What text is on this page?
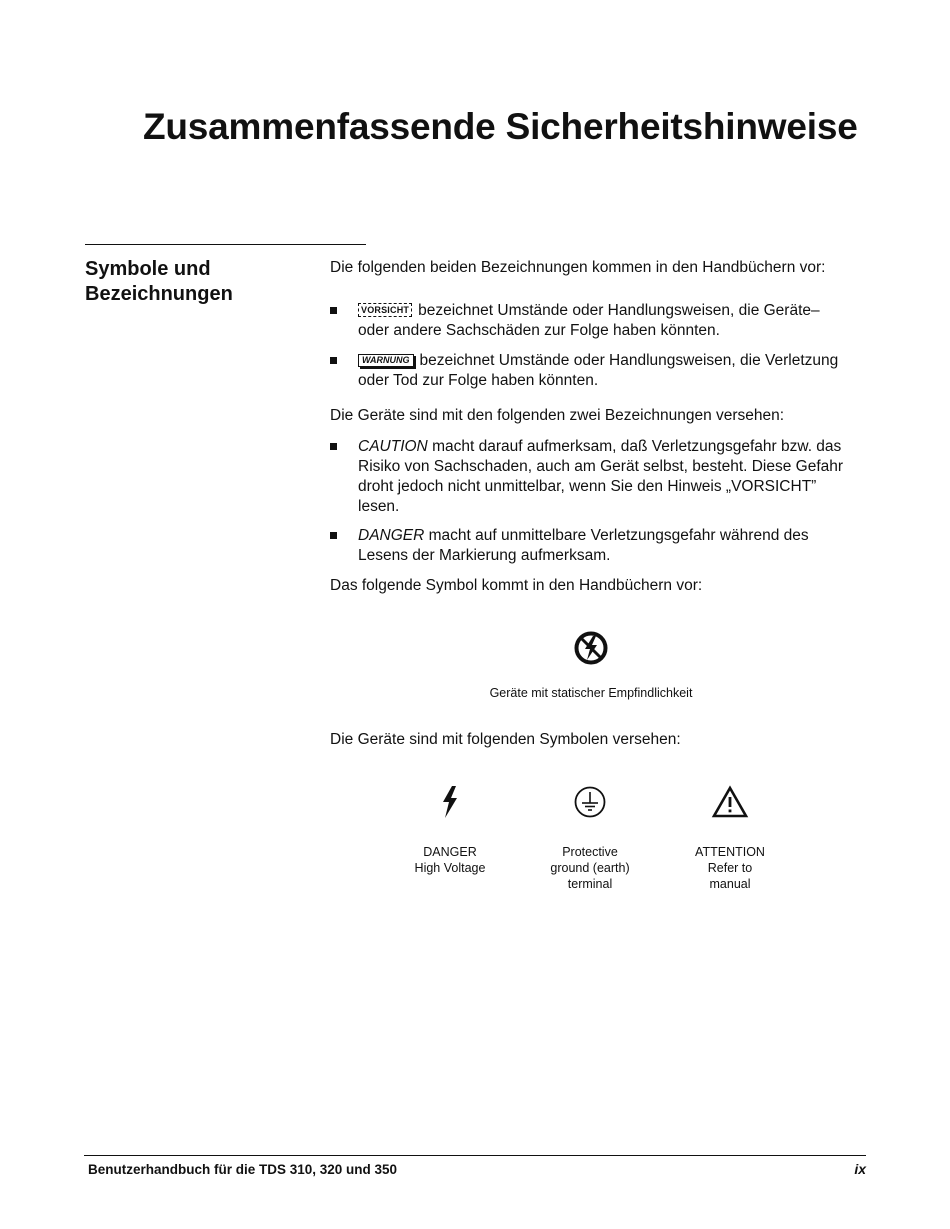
Zusammenfassende Sicherheitshinweise
Symbole und Bezeichnungen

Die folgenden beiden Bezeichnungen kommen in den Handbüchern vor:

VORSICHT bezeichnet Umstände oder Handlungsweisen, die Geräte– oder andere Sachschäden zur Folge haben könnten.
WARNUNG bezeichnet Umstände oder Handlungsweisen, die Verletzung oder Tod zur Folge haben könnten.

Die Geräte sind mit den folgenden zwei Bezeichnungen versehen:

CAUTION macht darauf aufmerksam, daß Verletzungsgefahr bzw. das Risiko von Sachschaden, auch am Gerät selbst, besteht. Diese Gefahr droht jedoch nicht unmittelbar, wenn Sie den Hinweis „VORSICHT” lesen.
DANGER macht auf unmittelbare Verletzungsgefahr während des Lesens der Markierung aufmerksam.

Das folgende Symbol kommt in den Handbüchern vor:

Geräte mit statischer Empfindlichkeit

Die Geräte sind mit folgenden Symbolen versehen:

DANGER
High Voltage
Protective
ground (earth)
terminal
ATTENTION
Refer to
manual
Benutzerhandbuch für die TDS 310, 320 und 350	ix
